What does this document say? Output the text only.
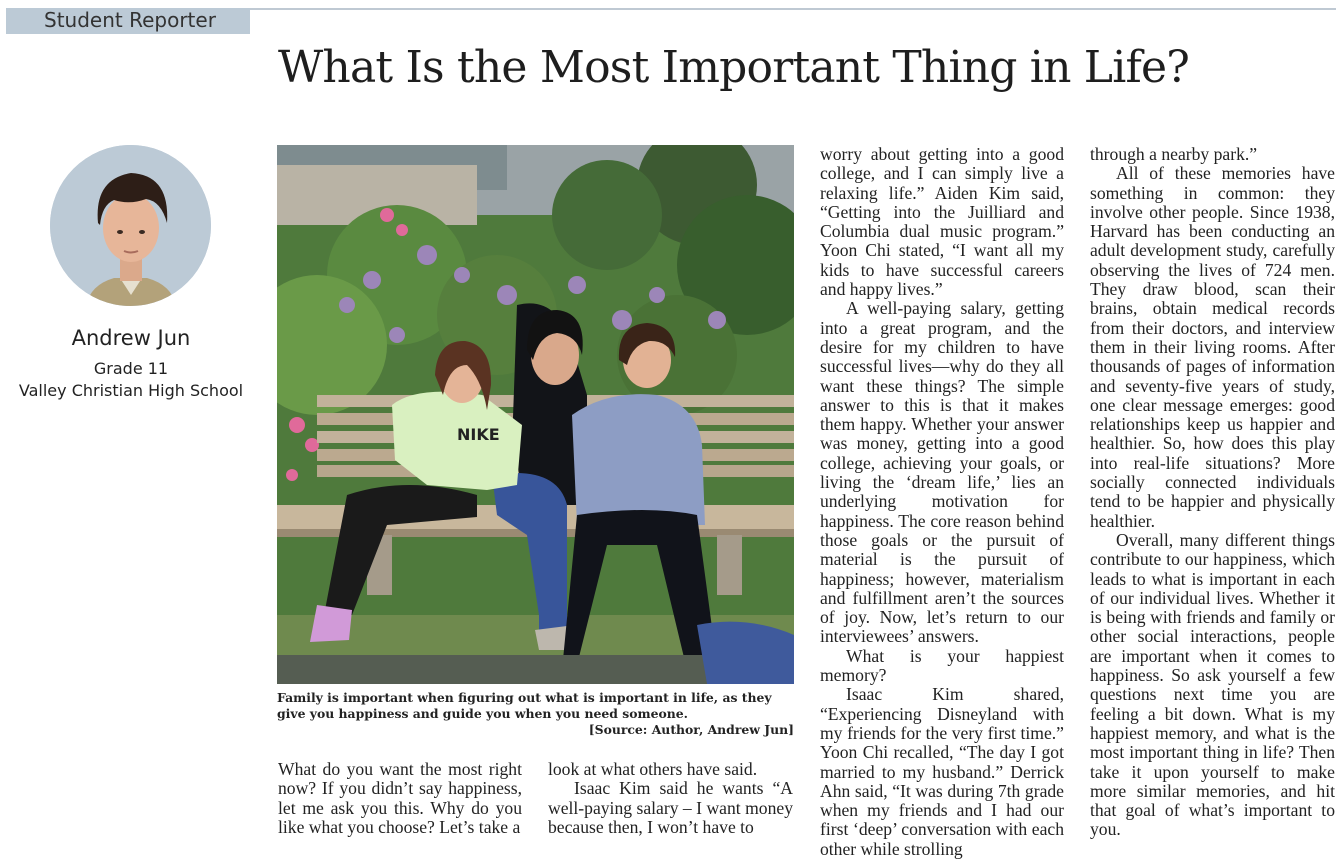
Student Reporter
What Is the Most Important Thing in Life?
Andrew Jun
Grade 11
Valley Christian High School
NIKE
Family is important when figuring out what is important in life, as they give you happiness and guide you when you need someone.
[Source: Author, Andrew Jun]

What do you want the most right now? If you didn’t say happiness, let me ask you this. Why do you like what you choose? Let’s take a

look at what others have said.

Isaac Kim said he wants “A well-paying salary – I want money because then, I won’t have to

worry about getting into a good college, and I can simply live a relaxing life.” Aiden Kim said, “Getting into the Juilliard and Columbia dual music program.” Yoon Chi stated, “I want all my kids to have successful careers and happy lives.”

A well-paying salary, getting into a great program, and the desire for my children to have successful lives—why do they all want these things? The simple answer to this is that it makes them happy. Whether your answer was money, getting into a good college, achieving your goals, or living the ‘dream life,’ lies an underlying motivation for happiness. The core reason behind those goals or the pursuit of material is the pursuit of happiness; however, materialism and fulfillment aren’t the sources of joy. Now, let’s return to our interviewees’ answers.

What is your happiest memory?

Isaac Kim shared, “Experiencing Disneyland with my friends for the very first time.” Yoon Chi recalled, “The day I got married to my husband.” Derrick Ahn said, “It was during 7th grade when my friends and I had our first ‘deep’ conversation with each other while strolling

through a nearby park.”

All of these memories have something in common: they involve other people. Since 1938, Harvard has been conducting an adult development study, carefully observing the lives of 724 men. They draw blood, scan their brains, obtain medical records from their doctors, and interview them in their living rooms. After thousands of pages of information and seventy-five years of study, one clear message emerges: good relationships keep us happier and healthier. So, how does this play into real-life situations? More socially connected individuals tend to be happier and physically healthier.

Overall, many different things contribute to our happiness, which leads to what is important in each of our individual lives. Whether it is being with friends and family or other social interactions, people are important when it comes to happiness. So ask yourself a few questions next time you are feeling a bit down. What is my happiest memory, and what is the most important thing in life? Then take it upon yourself to make more similar memories, and hit that goal of what’s important to you.
